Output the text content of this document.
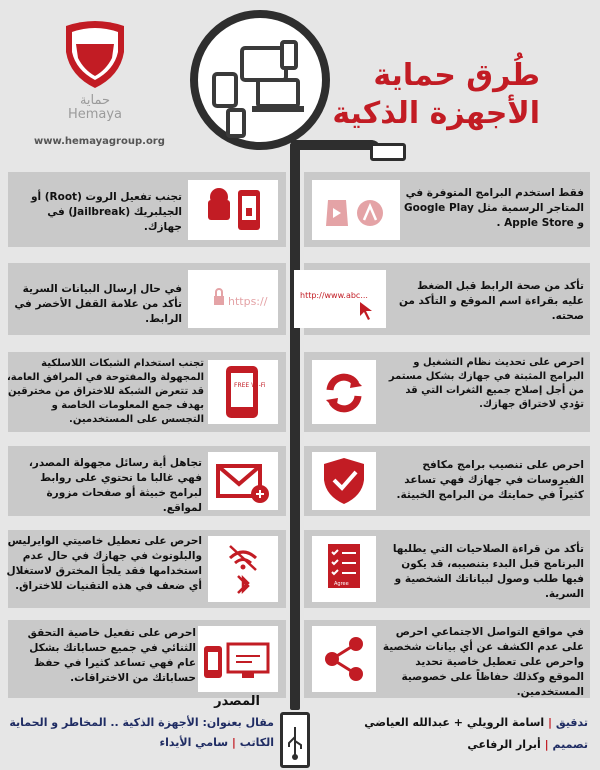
حماية
Hemaya
www.hemayagroup.org
طُرق حماية
الأجهزة الذكية
تجنب تفعيل الروت (Root) أو الجيلبريك (Jailbreak) في جهازك.
فقط استخدم البرامج المتوفرة في المتاجر الرسمية مثل Google Play و Apple Store .
https://
في حال إرسال البيانات السرية تأكد من علامة القفل الأخضر في الرابط.
http://www.abc...
تأكد من صحة الرابط قبل الضغط عليه بقراءة اسم الموقع و التأكد من صحته.
FREE Wi-Fi
تجنب استخدام الشبكات اللاسلكية المجهولة والمفتوحة في المرافق العامة، قد تتعرض الشبكة للاختراق من مخترقين بهدف جمع المعلومات الخاصة و التجسس على المستخدمين.
احرص على تحديث نظام التشغيل و البرامج المثبتة في جهازك بشكل مستمر من أجل إصلاح جميع الثغرات التي قد تؤدي لاختراق جهازك.
تجاهل أية رسائل مجهولة المصدر، فهي غالبا ما تحتوي على روابط لبرامج خبيثة أو صفحات مزورة لمواقع.
احرص على تنصيب برامج مكافح الفيروسات في جهازك فهي تساعد كثيراً في حمايتك من البرامج الخبيثة.
احرص على تعطيل خاصيتي الوايرليس والبلوتوث في جهازك في حال عدم استخدامها فقد يلجأ المخترق لاستغلال أي ضعف في هذه التقنيات للاختراق.	Agree
تأكد من قراءة الصلاحيات التي يطلبها البرنامج قبل البدء بتنصيبه، قد يكون فيها طلب وصول لبياناتك الشخصية و السرية.
احرص على تفعيل خاصية التحقق الثنائي في جميع حساباتك بشكل عام فهي تساعد كثيرا في حفظ حساباتك من الاختراقات.
في مواقع التواصل الاجتماعي احرص على عدم الكشف عن أي بيانات شخصية واحرص على تعطيل خاصية تحديد الموقع وكذلك حفاظاً على خصوصية المستخدمين.
المصدر
مقال بعنوان: الأجهزة الذكية .. المخاطر و الحماية
الكاتب | سامي الأيداء
تدقيق | اسامة الرويلي + عبدالله العياضي
تصميم | أبرار الرفاعي
